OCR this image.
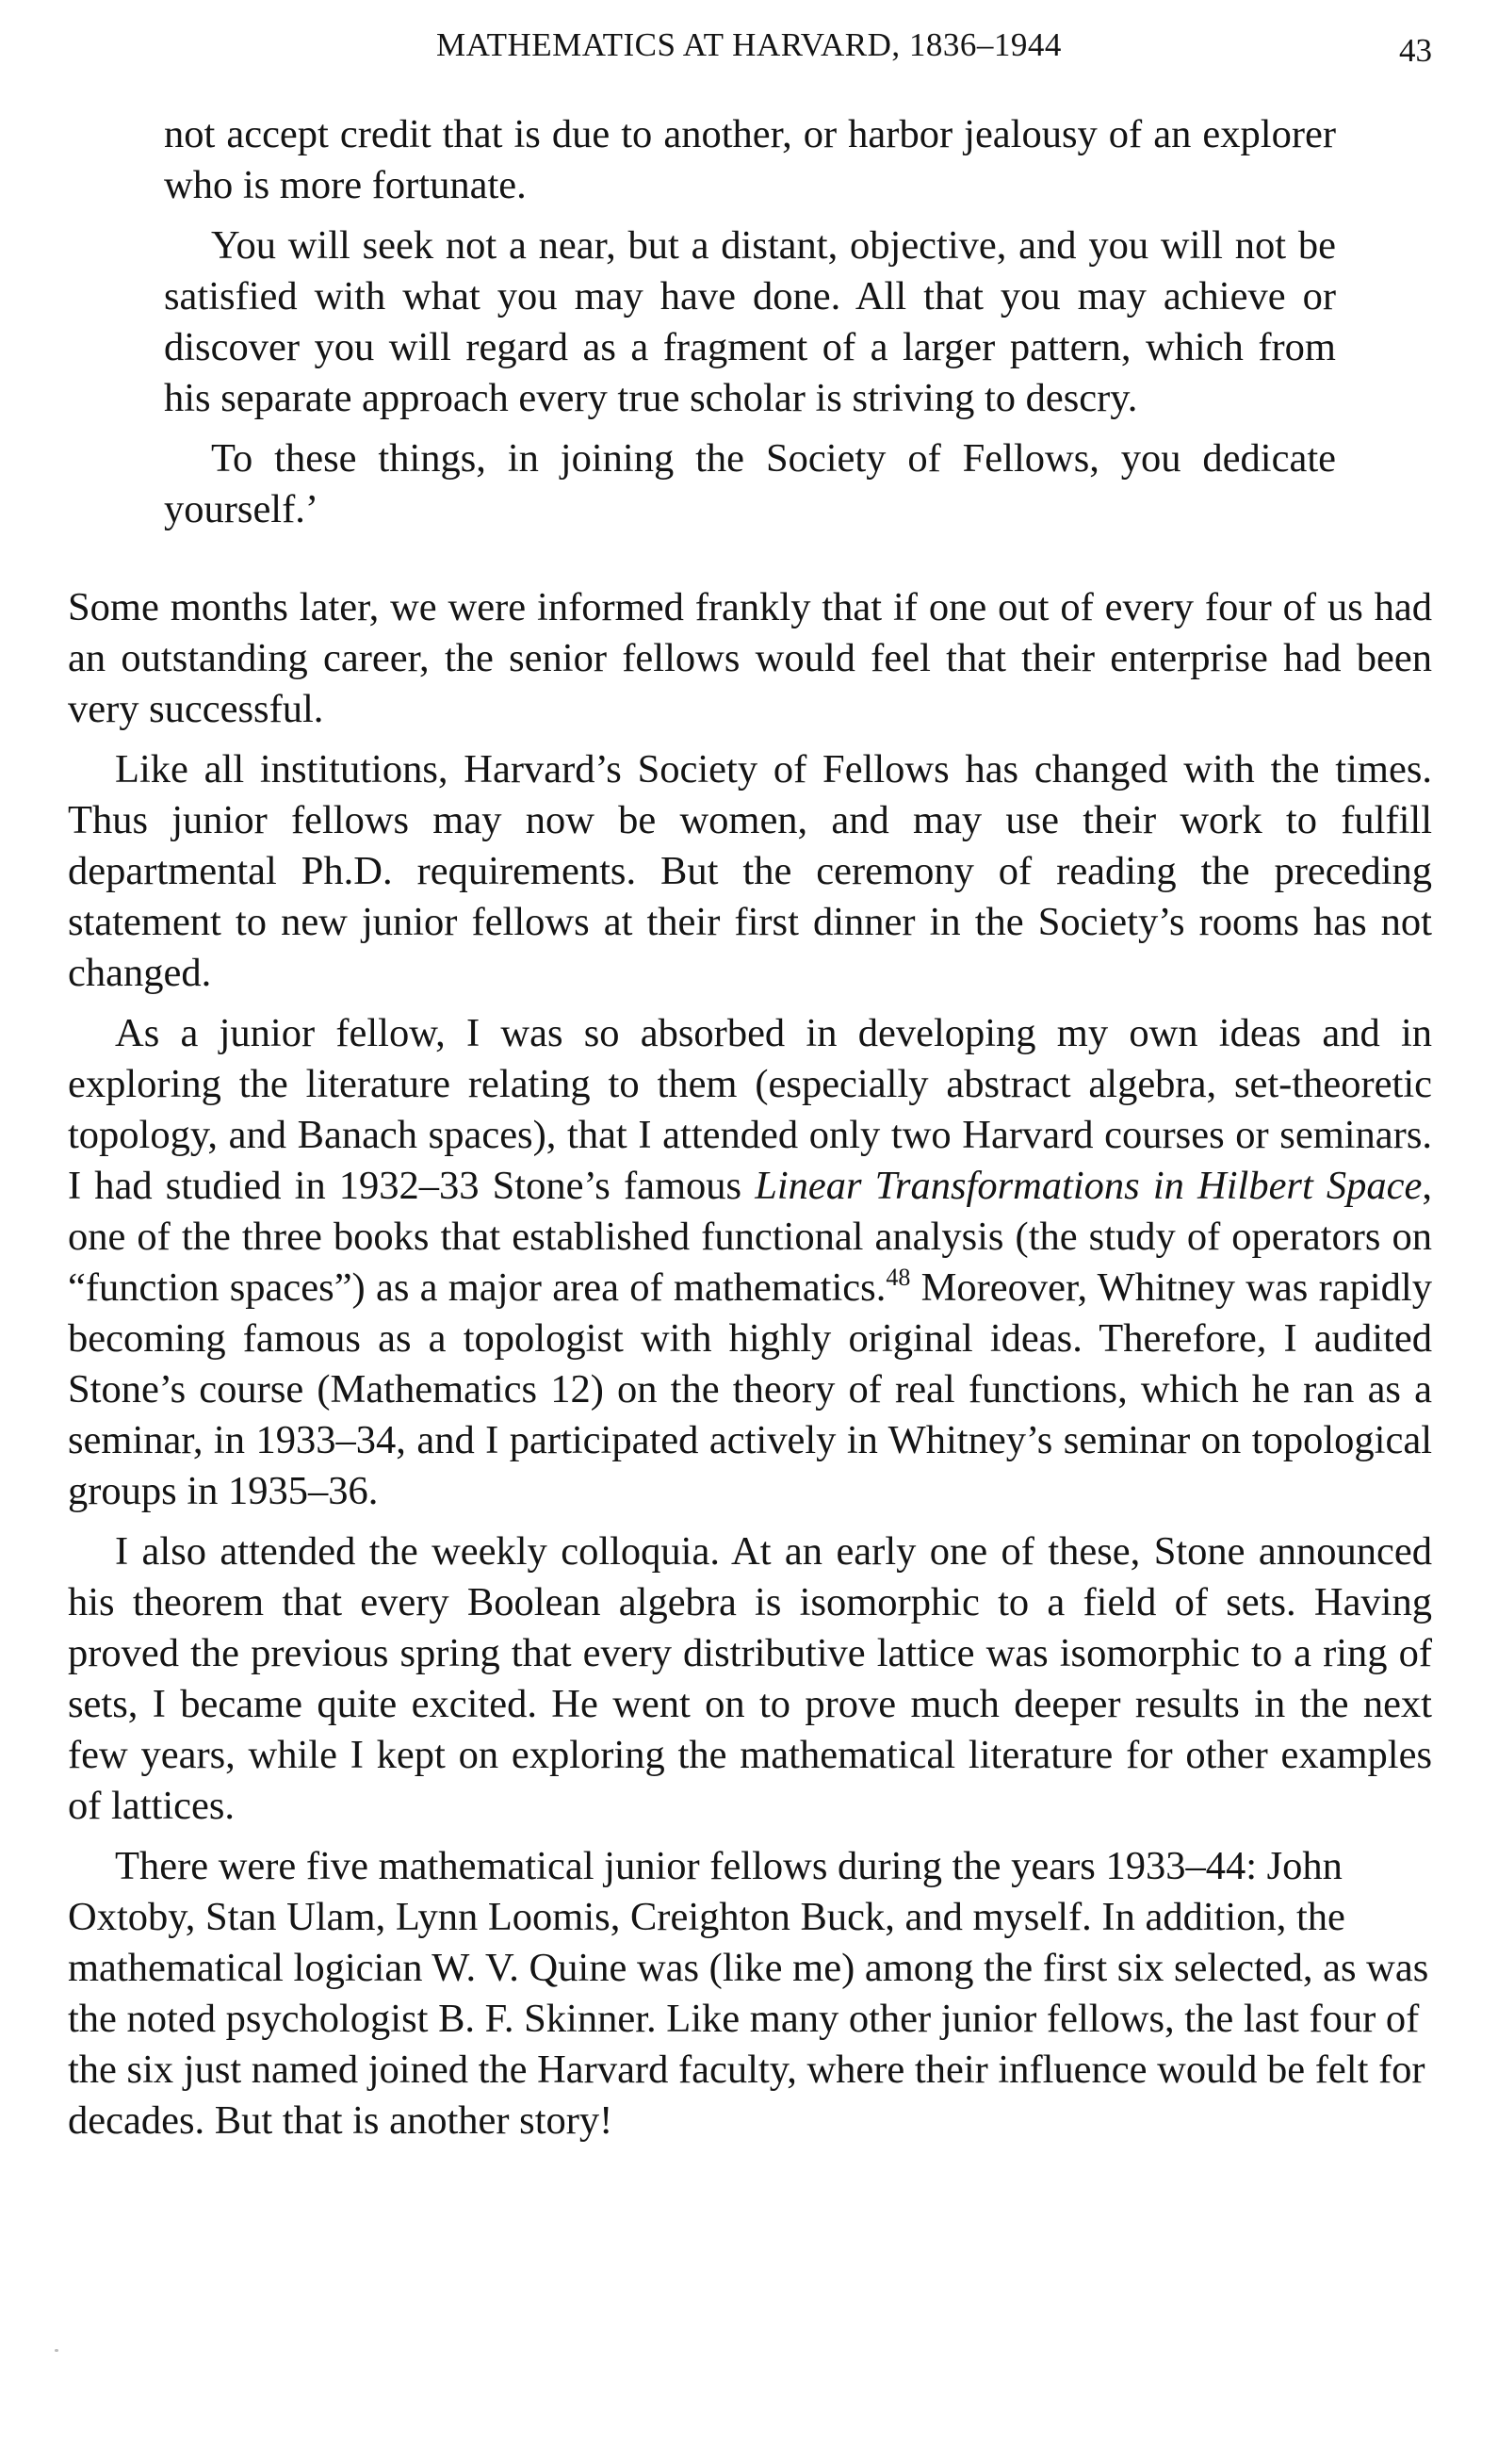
MATHEMATICS AT HARVARD, 1836–1944	43

not accept credit that is due to another, or harbor jealousy of an explorer who is more fortunate.

You will seek not a near, but a distant, objective, and you will not be satisfied with what you may have done. All that you may achieve or discover you will regard as a fragment of a larger pattern, which from his separate approach every true scholar is striving to descry.

To these things, in joining the Society of Fellows, you dedicate yourself.’

Some months later, we were informed frankly that if one out of every four of us had an outstanding career, the senior fellows would feel that their enterprise had been very successful.

Like all institutions, Harvard’s Society of Fellows has changed with the times. Thus junior fellows may now be women, and may use their work to fulfill departmental Ph.D. requirements. But the ceremony of reading the preceding statement to new junior fellows at their first dinner in the Society’s rooms has not changed.

As a junior fellow, I was so absorbed in developing my own ideas and in exploring the literature relating to them (especially abstract algebra, set-theoretic topology, and Banach spaces), that I attended only two Harvard courses or seminars. I had studied in 1932–33 Stone’s famous Linear Transformations in Hilbert Space, one of the three books that established functional analysis (the study of operators on “function spaces”) as a major area of mathematics.$^{48}$ Moreover, Whitney was rapidly becoming famous as a topologist with highly original ideas. Therefore, I audited Stone’s course (Mathematics 12) on the theory of real functions, which he ran as a seminar, in 1933–34, and I participated actively in Whitney’s seminar on topological groups in 1935–36.

I also attended the weekly colloquia. At an early one of these, Stone announced his theorem that every Boolean algebra is isomorphic to a field of sets. Having proved the previous spring that every distributive lattice was isomorphic to a ring of sets, I became quite excited. He went on to prove much deeper results in the next few years, while I kept on exploring the mathematical literature for other examples of lattices.

There were five mathematical junior fellows during the years 1933–44: John Oxtoby, Stan Ulam, Lynn Loomis, Creighton Buck, and myself. In addition, the mathematical logician W. V. Quine was (like me) among the first six selected, as was the noted psychologist B. F. Skinner. Like many other junior fellows, the last four of the six just named joined the Harvard faculty, where their influence would be felt for decades. But that is another story!
